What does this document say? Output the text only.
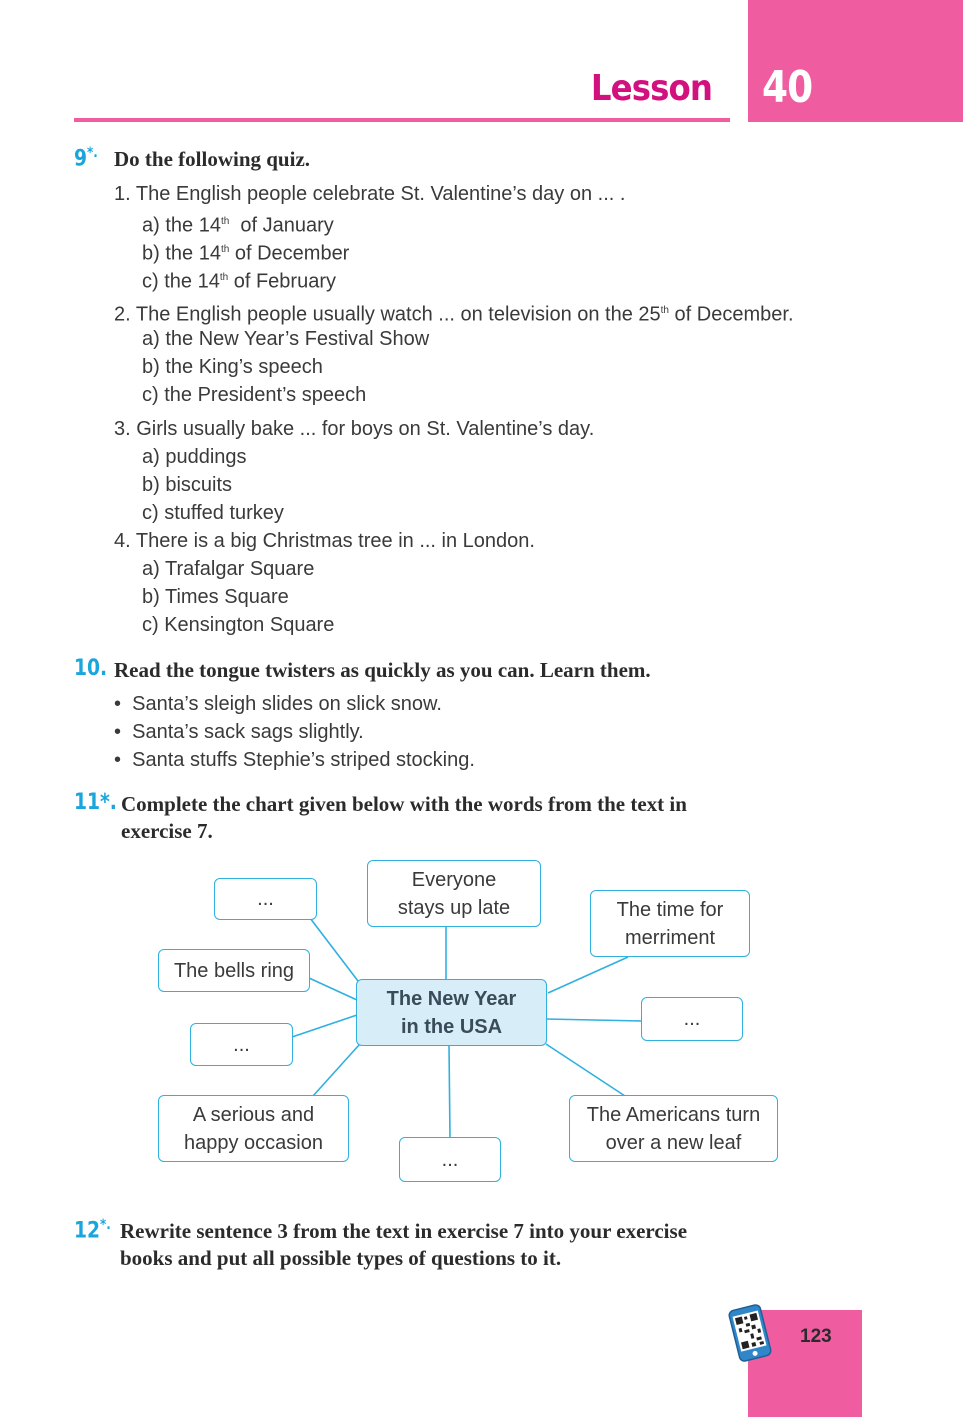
Lesson 40
9*. Do the following quiz.
1. The English people celebrate St. Valentine’s day on ... .
a) the 14th  of January
b) the 14th of December
c) the 14th of February
2. The English people usually watch ... on television on the 25th of December.
a) the New Year’s Festival Show
b) the King’s speech
c) the President’s speech
3. Girls usually bake ... for boys on St. Valentine’s day.
a) puddings
b) biscuits
c) stuffed turkey
4. There is a big Christmas tree in ... in London.
a) Trafalgar Square
b) Times Square
c) Kensington Square
10. Read the tongue twisters as quickly as you can. Learn them.
•  Santa’s sleigh slides on slick snow.
•  Santa’s sack sags slightly.
•  Santa stuffs Stephie’s striped stocking.
11*. Complete the chart given below with the words from the text in
exercise 7.
...
Everyone
stays up late	The time for
merriment
The bells ring
The New Year
in the USA	...
...
A serious and
happy occasion
The Americans turn
over a new leaf
...
12*. Rewrite sentence 3 from the text in exercise 7 into your exercise
books and put all possible types of questions to it.
123
